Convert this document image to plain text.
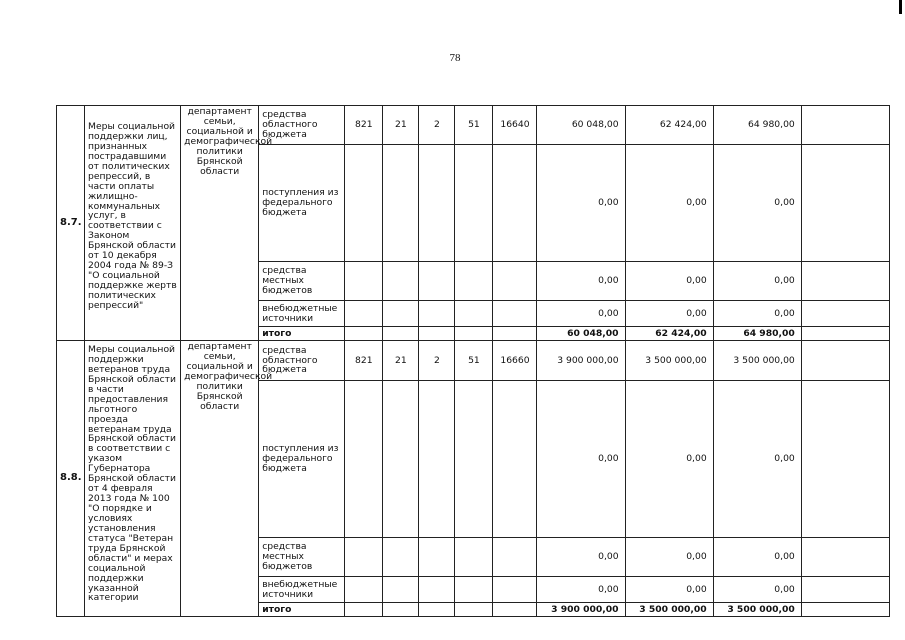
78
8.7.	Меры социальной поддержки лиц, признанных пострадавшими от политических репрессий, в части оплаты жилищно-коммунальных услуг, в соответствии с Законом Брянской области от 10 декабря 2004 года № 89-З "О социальной поддержке жертв политических репрессий"	департамент семьи, социальной и демографической политики Брянской области	средства областного бюджета	821	21	2	51	16640	60 048,00	62 424,00	64 980,00	
			поступления из федерального бюджета						0,00	0,00	0,00	
			средства местных бюджетов						0,00	0,00	0,00	
			внебюджетные источники						0,00	0,00	0,00	
			итого						60 048,00	62 424,00	64 980,00	
8.8.	Меры социальной поддержки ветеранов труда Брянской области в части предоставления льготного проезда ветеранам труда Брянской области в соответствии с указом Губернатора Брянской области от 4 февраля 2013 года № 100 "О порядке и условиях установления статуса "Ветеран труда Брянской области" и мерах социальной поддержки указанной категории	департамент семьи, социальной и демографической политики Брянской области	средства областного бюджета	821	21	2	51	16660	3 900 000,00	3 500 000,00	3 500 000,00	
			поступления из федерального бюджета						0,00	0,00	0,00	
			средства местных бюджетов						0,00	0,00	0,00	
			внебюджетные источники						0,00	0,00	0,00	
			итого						3 900 000,00	3 500 000,00	3 500 000,00	
